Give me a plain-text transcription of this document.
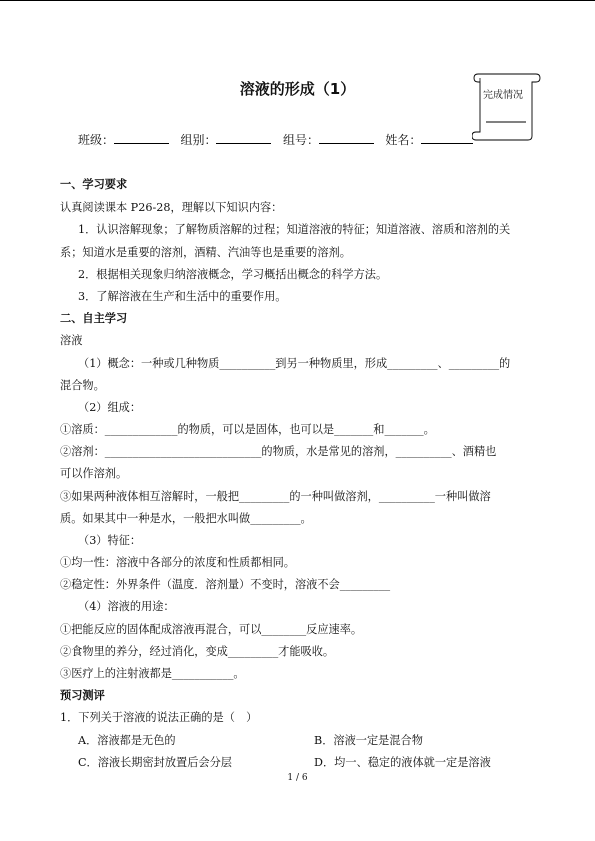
溶液的形成（1）	完成情况
班级：	组别：	组号：	姓名：
一、学习要求
认真阅读课本 P26-28，理解以下知识内容：
1．认识溶解现象；了解物质溶解的过程；知道溶液的特征；知道溶液、溶质和溶剂的关
系；知道水是重要的溶剂，酒精、汽油等也是重要的溶剂。
2．根据相关现象归纳溶液概念，学习概括出概念的科学方法。
3．了解溶液在生产和生活中的重要作用。
二、自主学习
溶液
（1）概念：一种或几种物质__________到另一种物质里，形成_________、_________的
混合物。
（2）组成：
①溶质：_____________的物质，可以是固体，也可以是_______和_______。
②溶剂：____________________________的物质，水是常见的溶剂，__________、酒精也
可以作溶剂。
③如果两种液体相互溶解时，一般把_________的一种叫做溶剂，__________一种叫做溶
质。如果其中一种是水，一般把水叫做_________。
（3）特征：
①均一性：溶液中各部分的浓度和性质都相同。
②稳定性：外界条件（温度．溶剂量）不变时，溶液不会_________
（4）溶液的用途：
①把能反应的固体配成溶液再混合，可以________反应速率。
②食物里的养分，经过消化，变成_________才能吸收。
③医疗上的注射液都是___________。
预习测评
1．下列关于溶液的说法正确的是（　）
A．溶液都是无色的	B．溶液一定是混合物
C．溶液长期密封放置后会分层	D．均一、稳定的液体就一定是溶液
1 / 6
